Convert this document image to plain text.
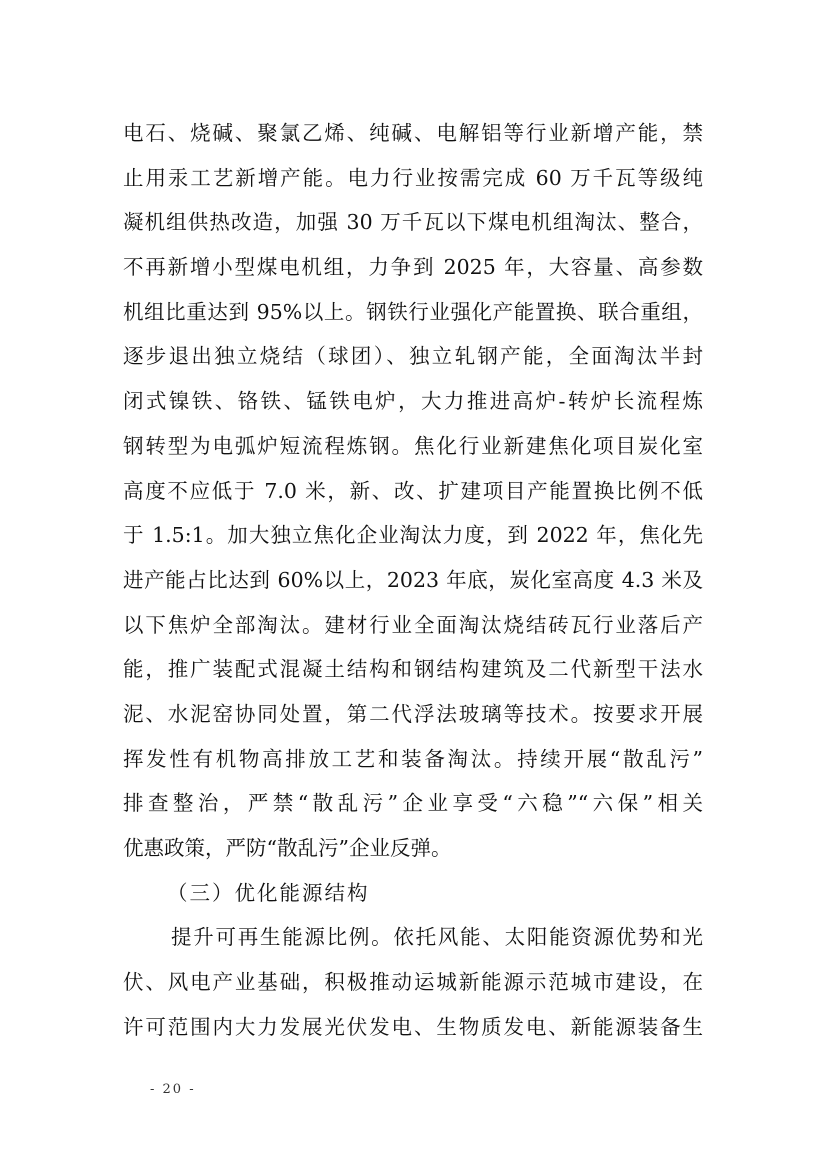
电石、烧碱、聚氯乙烯、纯碱、电解铝等行业新增产能，禁
止用汞工艺新增产能。电力行业按需完成 60 万千瓦等级纯
凝机组供热改造，加强 30 万千瓦以下煤电机组淘汰、整合，
不再新增小型煤电机组，力争到 2025 年，大容量、高参数
机组比重达到 95%以上。钢铁行业强化产能置换、联合重组，
逐步退出独立烧结（球团）、独立轧钢产能，全面淘汰半封
闭式镍铁、铬铁、锰铁电炉，大力推进高炉-转炉长流程炼
钢转型为电弧炉短流程炼钢。焦化行业新建焦化项目炭化室
高度不应低于 7.0 米，新、改、扩建项目产能置换比例不低
于 1.5:1。加大独立焦化企业淘汰力度，到 2022 年，焦化先
进产能占比达到 60%以上，2023 年底，炭化室高度 4.3 米及
以下焦炉全部淘汰。建材行业全面淘汰烧结砖瓦行业落后产
能，推广装配式混凝土结构和钢结构建筑及二代新型干法水
泥、水泥窑协同处置，第二代浮法玻璃等技术。按要求开展
挥发性有机物高排放工艺和装备淘汰。持续开展“散乱污”
排查整治，严禁“散乱污”企业享受“六稳”“六保”相关
优惠政策，严防“散乱污”企业反弹。
（三）优化能源结构
提升可再生能源比例。依托风能、太阳能资源优势和光
伏、风电产业基础，积极推动运城新能源示范城市建设，在
许可范围内大力发展光伏发电、生物质发电、新能源装备生
- 20 -
